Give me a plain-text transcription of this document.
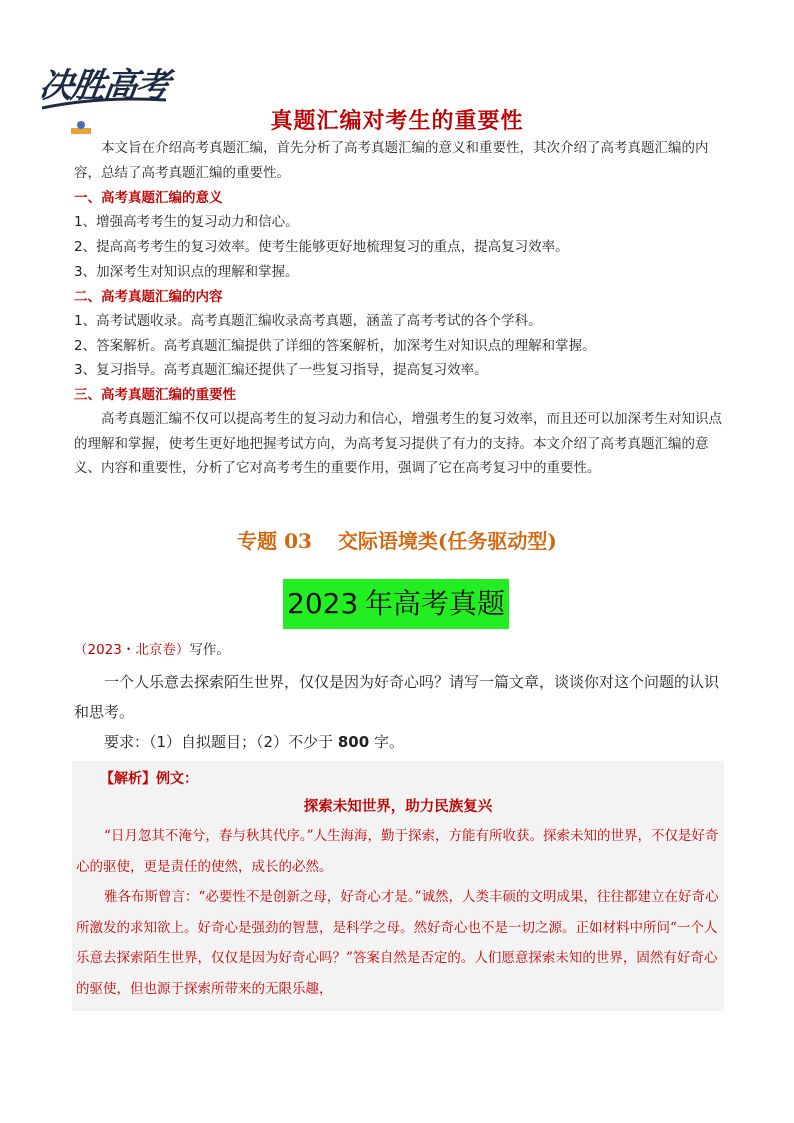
决胜高考
真题汇编对考生的重要性
本文旨在介绍高考真题汇编，首先分析了高考真题汇编的意义和重要性，其次介绍了高考真题汇编的内容，总结了高考真题汇编的重要性。
一、高考真题汇编的意义
1、增强高考考生的复习动力和信心。
2、提高高考考生的复习效率。使考生能够更好地梳理复习的重点，提高复习效率。
3、加深考生对知识点的理解和掌握。
二、高考真题汇编的内容
1、高考试题收录。高考真题汇编收录高考真题，涵盖了高考考试的各个学科。
2、答案解析。高考真题汇编提供了详细的答案解析，加深考生对知识点的理解和掌握。
3、复习指导。高考真题汇编还提供了一些复习指导，提高复习效率。
三、高考真题汇编的重要性
高考真题汇编不仅可以提高考生的复习动力和信心，增强考生的复习效率，而且还可以加深考生对知识点的理解和掌握，使考生更好地把握考试方向，为高考复习提供了有力的支持。本文介绍了高考真题汇编的意义、内容和重要性，分析了它对高考考生的重要作用，强调了它在高考复习中的重要性。
专题 03 交际语境类(任务驱动型)
2023 年高考真题
（2023・北京卷）写作。
一个人乐意去探索陌生世界，仅仅是因为好奇心吗？请写一篇文章，谈谈你对这个问题的认识和思考。
要求：（1）自拟题目；（2）不少于 800 字。
【解析】例文：
探索未知世界，助力民族复兴

“日月忽其不淹兮，春与秋其代序。”人生海海，勤于探索，方能有所收获。探索未知的世界，不仅是好奇心的驱使，更是责任的使然，成长的必然。

雅各布斯曾言：“必要性不是创新之母，好奇心才是。”诚然，人类丰硕的文明成果，往往都建立在好奇心所激发的求知欲上。好奇心是强劲的智慧，是科学之母。然好奇心也不是一切之源。正如材料中所问“一个人乐意去探索陌生世界，仅仅是因为好奇心吗？”答案自然是否定的。人们愿意探索未知的世界，固然有好奇心的驱使，但也源于探索所带来的无限乐趣，
